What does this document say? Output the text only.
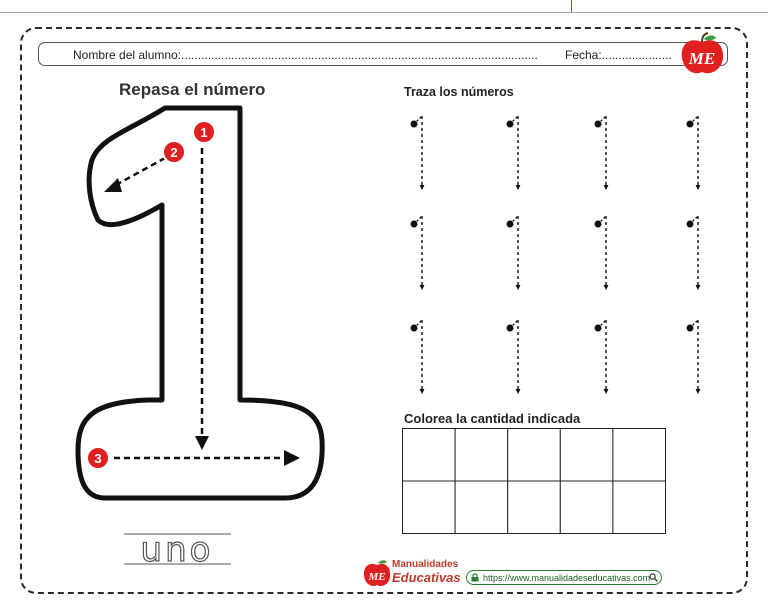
Nombre del alumno:........................................................................................................... Fecha:..................... ME
Repasa el número
1
2
3
uno
Traza los números
Colorea la cantidad indicada
ME
Manualidades
Educativas https://www.manualidadeseducativas.com
